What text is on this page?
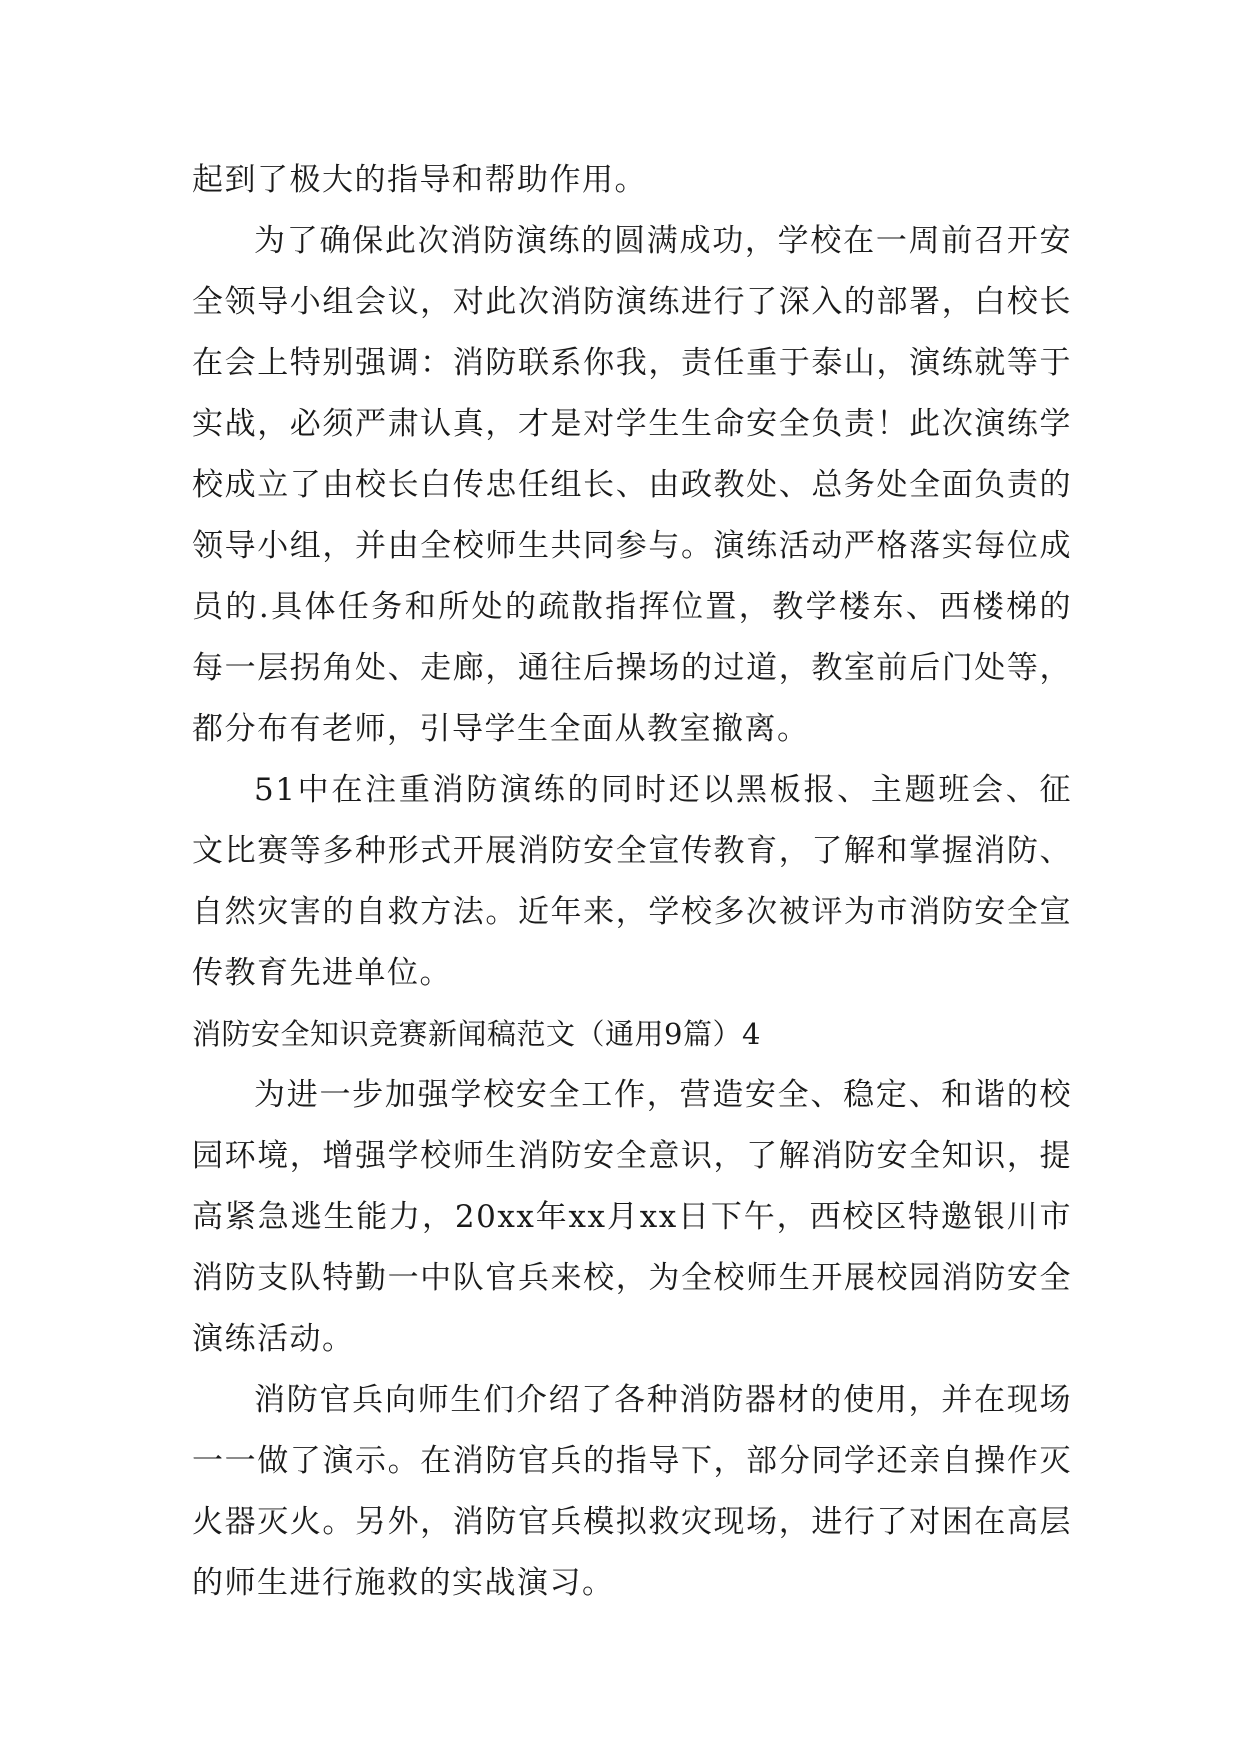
起到了极大的指导和帮助作用。

为了确保此次消防演练的圆满成功，学校在一周前召开安全领导小组会议，对此次消防演练进行了深入的部署，白校长在会上特别强调：消防联系你我，责任重于泰山，演练就等于实战，必须严肃认真，才是对学生生命安全负责！此次演练学校成立了由校长白传忠任组长、由政教处、总务处全面负责的领导小组，并由全校师生共同参与。演练活动严格落实每位成员的.具体任务和所处的疏散指挥位置，教学楼东、西楼梯的每一层拐角处、走廊，通往后操场的过道，教室前后门处等，都分布有老师，引导学生全面从教室撤离。

51中在注重消防演练的同时还以黑板报、主题班会、征文比赛等多种形式开展消防安全宣传教育，了解和掌握消防、自然灾害的自救方法。近年来，学校多次被评为市消防安全宣传教育先进单位。

消防安全知识竞赛新闻稿范文（通用9篇）4

为进一步加强学校安全工作，营造安全、稳定、和谐的校园环境，增强学校师生消防安全意识，了解消防安全知识，提高紧急逃生能力，20xx年xx月xx日下午，西校区特邀银川市消防支队特勤一中队官兵来校，为全校师生开展校园消防安全演练活动。

消防官兵向师生们介绍了各种消防器材的使用，并在现场一一做了演示。在消防官兵的指导下，部分同学还亲自操作灭火器灭火。另外，消防官兵模拟救灾现场，进行了对困在高层的师生进行施救的实战演习。
